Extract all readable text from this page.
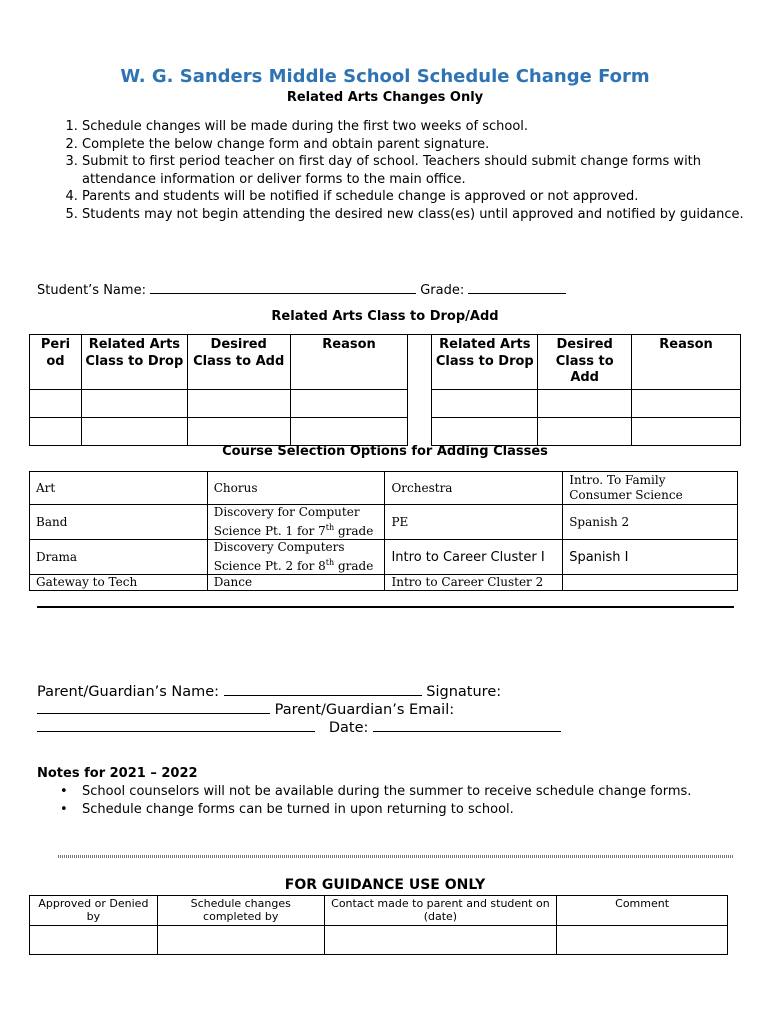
W. G. Sanders Middle School Schedule Change Form
Related Arts Changes Only
1. Schedule changes will be made during the first two weeks of school.
2. Complete the below change form and obtain parent signature.
3. Submit to first period teacher on first day of school. Teachers should submit change forms with attendance information or deliver forms to the main office.
4. Parents and students will be notified if schedule change is approved or not approved.
5. Students may not begin attending the desired new class(es) until approved and notified by guidance.
Student’s Name:	Grade:
Related Arts Class to Drop/Add
Peri od	Related Arts Class to Drop	Desired Class to Add	Reason		Related Arts Class to Drop	Desired Class to Add	Reason

Course Selection Options for Adding Classes
Art	Chorus	Orchestra	Intro. To Family Consumer Science
Band	Discovery for Computer Science Pt. 1 for 7th grade	PE	Spanish 2
Drama	Discovery Computers Science Pt. 2 for 8th grade	Intro to Career Cluster I	Spanish I
Gateway to Tech	Dance	Intro to Career Cluster 2	
Parent/Guardian’s Name:	Signature:
Parent/Guardian’s Email:
Date:
Notes for 2021 – 2022
• School counselors will not be available during the summer to receive schedule change forms.
• Schedule change forms can be turned in upon returning to school.
FOR GUIDANCE USE ONLY
Approved or Denied by	Schedule changes completed by	Contact made to parent and student on (date)	Comment
